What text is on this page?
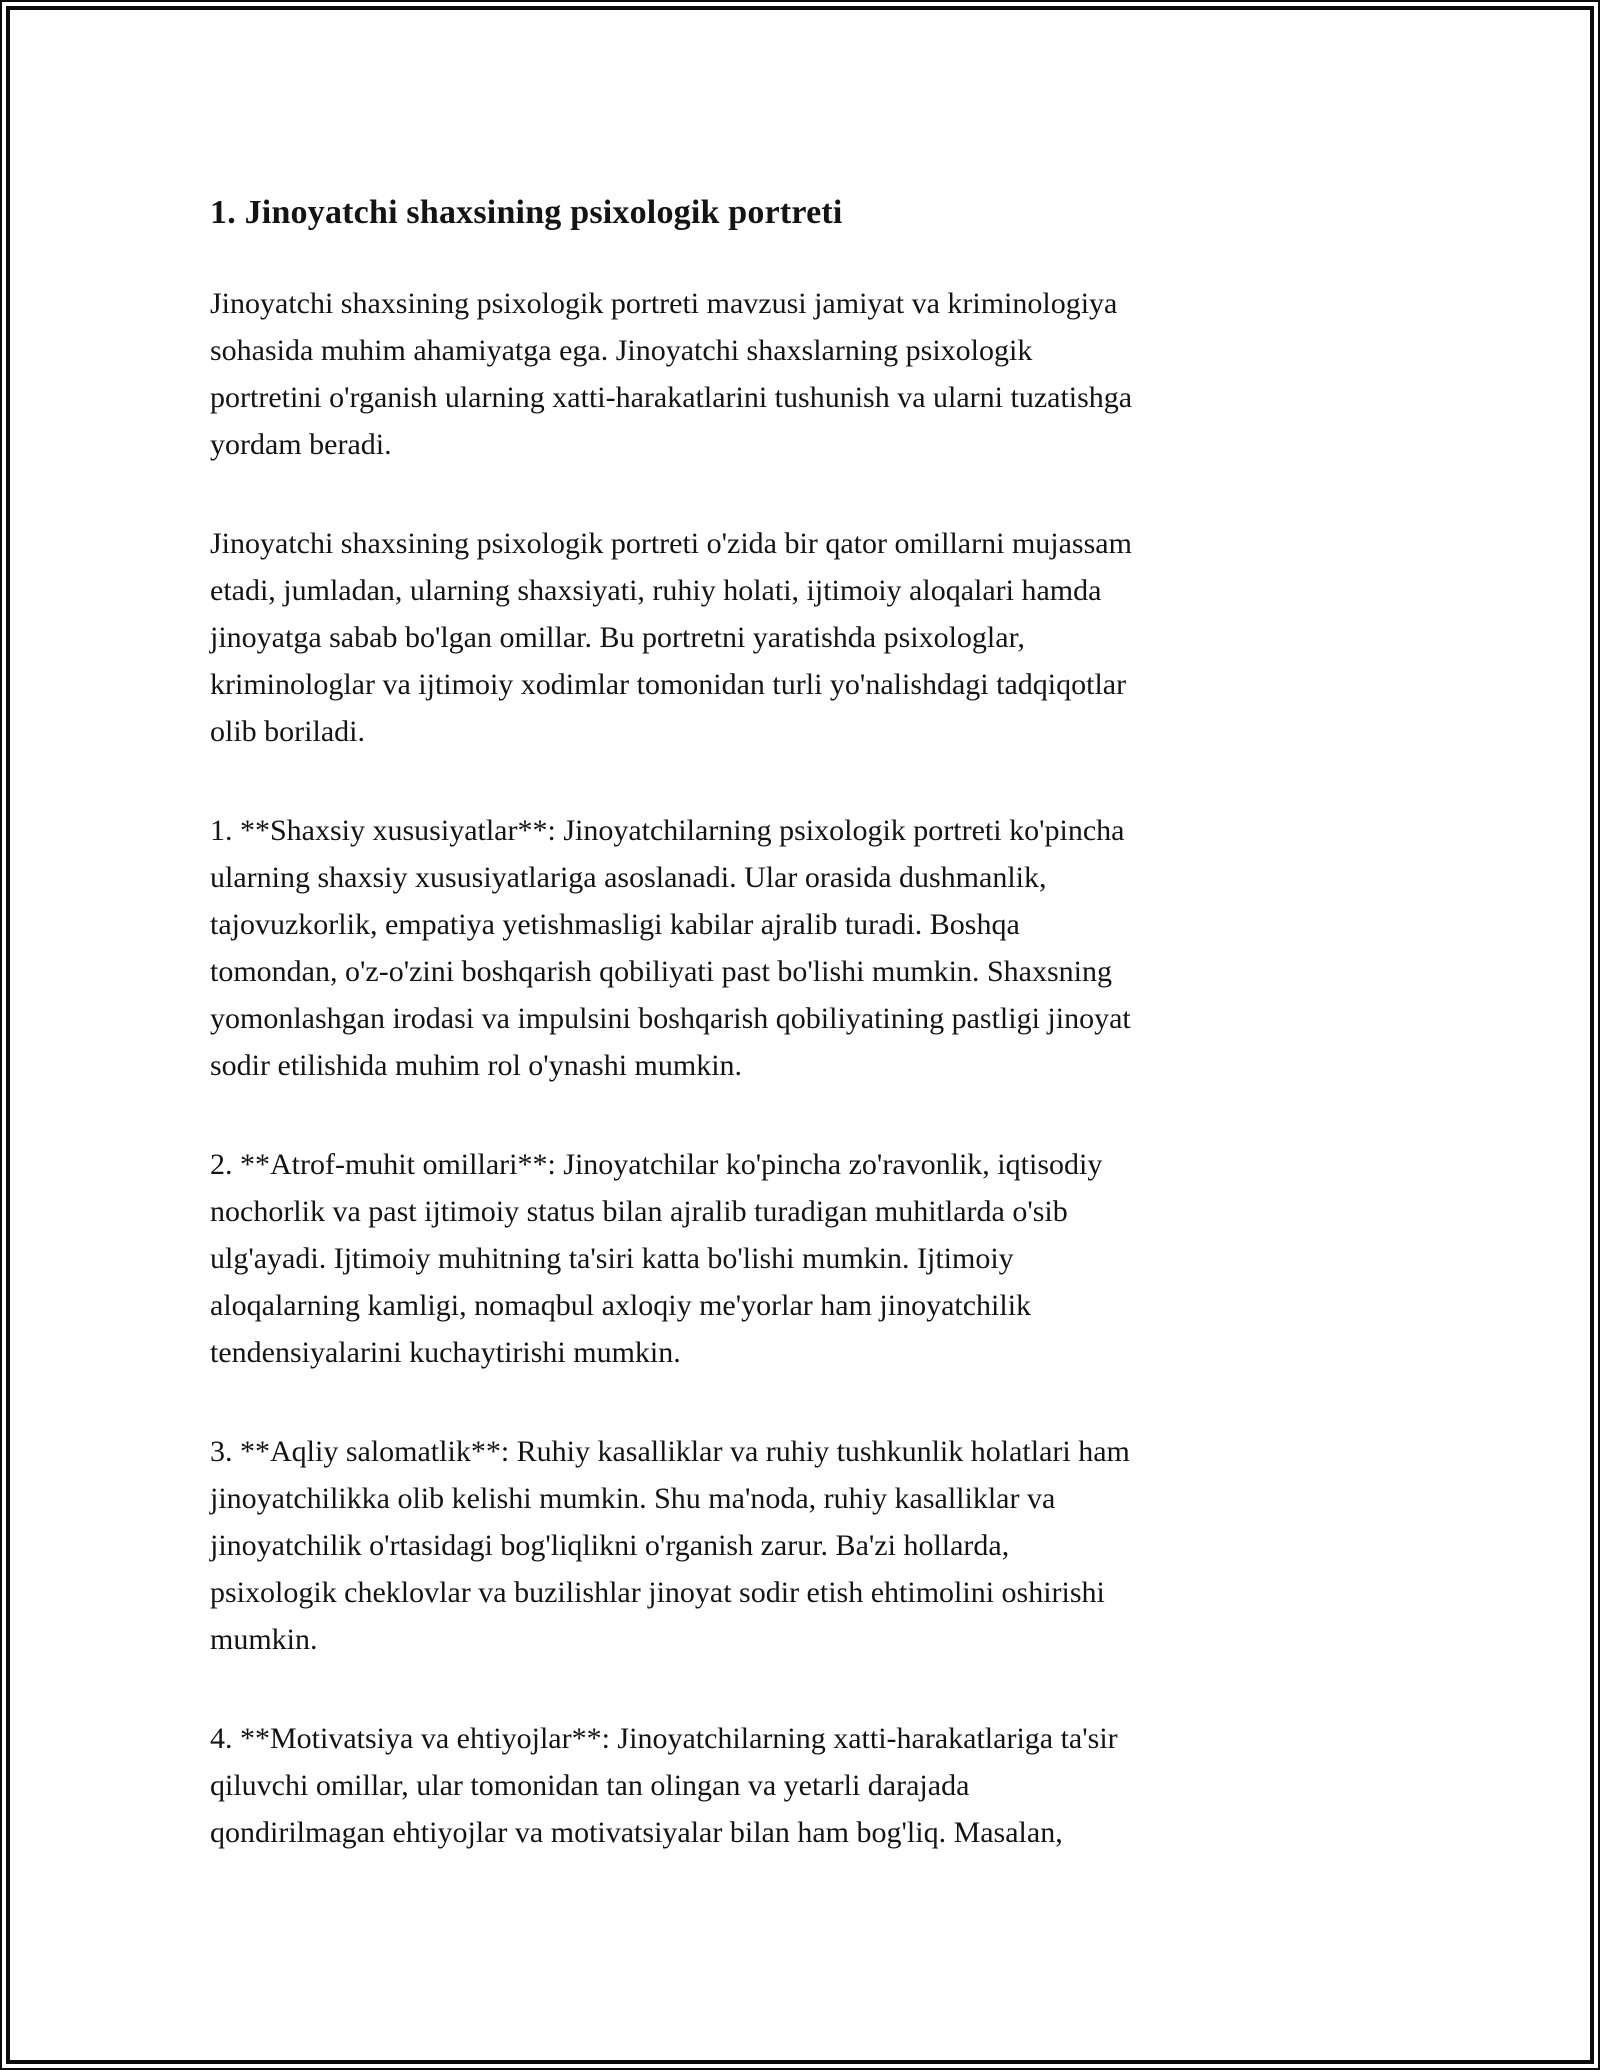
1. Jinoyatchi shaxsining psixologik portreti
Jinoyatchi shaxsining psixologik portreti mavzusi jamiyat va kriminologiya
sohasida muhim ahamiyatga ega. Jinoyatchi shaxslarning psixologik
portretini o'rganish ularning xatti-harakatlarini tushunish va ularni tuzatishga
yordam beradi.
Jinoyatchi shaxsining psixologik portreti o'zida bir qator omillarni mujassam
etadi, jumladan, ularning shaxsiyati, ruhiy holati, ijtimoiy aloqalari hamda
jinoyatga sabab bo'lgan omillar. Bu portretni yaratishda psixologlar,
kriminologlar va ijtimoiy xodimlar tomonidan turli yo'nalishdagi tadqiqotlar
olib boriladi.
1. **Shaxsiy xususiyatlar**: Jinoyatchilarning psixologik portreti ko'pincha
ularning shaxsiy xususiyatlariga asoslanadi. Ular orasida dushmanlik,
tajovuzkorlik, empatiya yetishmasligi kabilar ajralib turadi. Boshqa
tomondan, o'z-o'zini boshqarish qobiliyati past bo'lishi mumkin. Shaxsning
yomonlashgan irodasi va impulsini boshqarish qobiliyatining pastligi jinoyat
sodir etilishida muhim rol o'ynashi mumkin.
2. **Atrof-muhit omillari**: Jinoyatchilar ko'pincha zo'ravonlik, iqtisodiy
nochorlik va past ijtimoiy status bilan ajralib turadigan muhitlarda o'sib
ulg'ayadi. Ijtimoiy muhitning ta'siri katta bo'lishi mumkin. Ijtimoiy
aloqalarning kamligi, nomaqbul axloqiy me'yorlar ham jinoyatchilik
tendensiyalarini kuchaytirishi mumkin.
3. **Aqliy salomatlik**: Ruhiy kasalliklar va ruhiy tushkunlik holatlari ham
jinoyatchilikka olib kelishi mumkin. Shu ma'noda, ruhiy kasalliklar va
jinoyatchilik o'rtasidagi bog'liqlikni o'rganish zarur. Ba'zi hollarda,
psixologik cheklovlar va buzilishlar jinoyat sodir etish ehtimolini oshirishi
mumkin.
4. **Motivatsiya va ehtiyojlar**: Jinoyatchilarning xatti-harakatlariga ta'sir
qiluvchi omillar, ular tomonidan tan olingan va yetarli darajada
qondirilmagan ehtiyojlar va motivatsiyalar bilan ham bog'liq. Masalan,
